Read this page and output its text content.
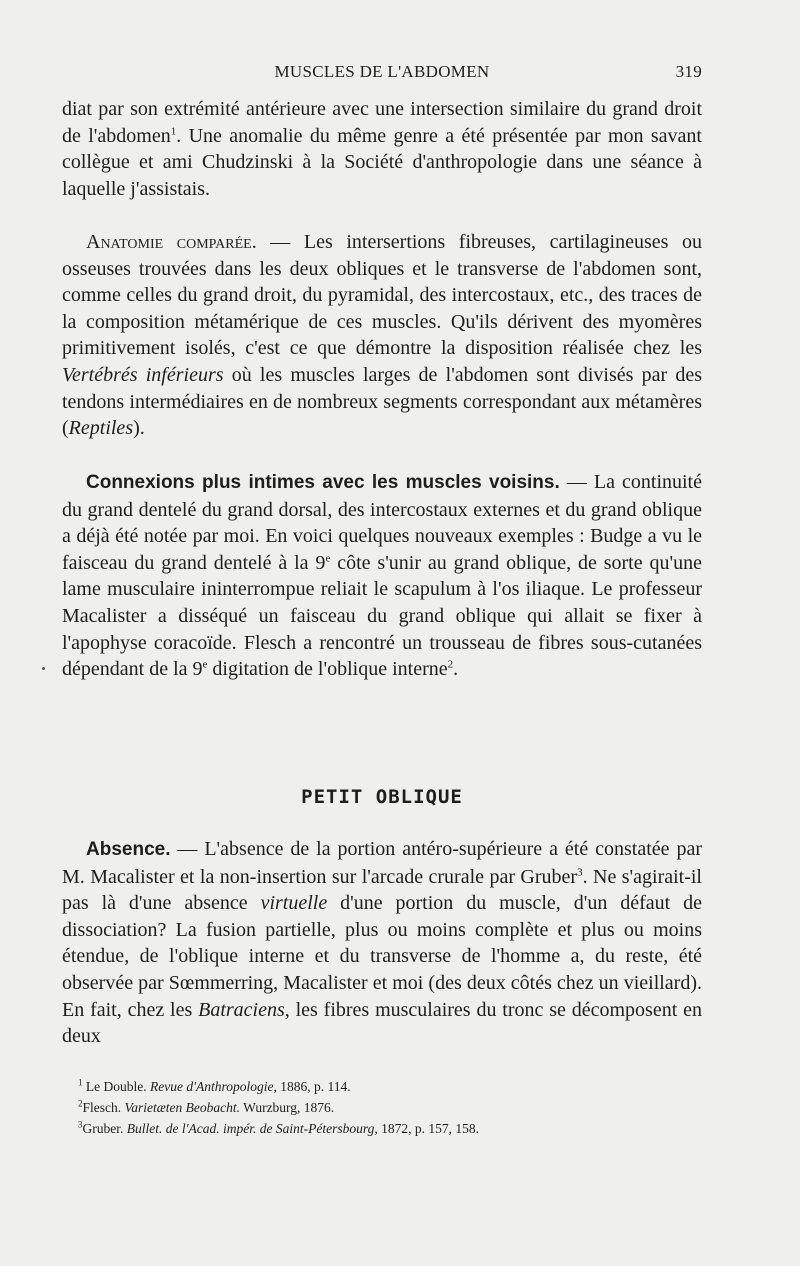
MUSCLES DE L'ABDOMEN	319

diat par son extrémité antérieure avec une intersection similaire du grand droit de l'abdomen$^1$. Une anomalie du même genre a été présentée par mon savant collègue et ami Chudzinski à la Société d'anthropologie dans une séance à laquelle j'assistais.

Anatomie comparée. — Les intersertions fibreuses, cartilagineuses ou osseuses trouvées dans les deux obliques et le transverse de l'abdomen sont, comme celles du grand droit, du pyramidal, des intercostaux, etc., des traces de la composition métamérique de ces muscles. Qu'ils dérivent des myomères primitivement isolés, c'est ce que démontre la disposition réalisée chez les Vertébrés inférieurs où les muscles larges de l'abdomen sont divisés par des tendons intermédiaires en de nombreux segments correspondant aux métamères (Reptiles).

Connexions plus intimes avec les muscles voisins. — La continuité du grand dentelé du grand dorsal, des intercostaux externes et du grand oblique a déjà été notée par moi. En voici quelques nouveaux exemples : Budge a vu le faisceau du grand dentelé à la 9e côte s'unir au grand oblique, de sorte qu'une lame musculaire ininterrompue reliait le scapulum à l'os iliaque. Le professeur Macalister a disséqué un faisceau du grand oblique qui allait se fixer à l'apophyse coracoïde. Flesch a rencontré un trousseau de fibres sous-cutanées dépendant de la 9e digitation de l'oblique interne$^2$.

PETIT OBLIQUE

Absence. — L'absence de la portion antéro-supérieure a été constatée par M. Macalister et la non-insertion sur l'arcade crurale par Gruber$^3$. Ne s'agirait-il pas là d'une absence virtuelle d'une portion du muscle, d'un défaut de dissociation? La fusion partielle, plus ou moins complète et plus ou moins étendue, de l'oblique interne et du transverse de l'homme a, du reste, été observée par Sœmmerring, Macalister et moi (des deux côtés chez un vieillard). En fait, chez les Batraciens, les fibres musculaires du tronc se décomposent en deux

$^1$ Le Double. Revue d'Anthropologie, 1886, p. 114.

$^2$Flesch. Varietæten Beobacht. Wurzburg, 1876.

$^3$Gruber. Bullet. de l'Acad. impér. de Saint-Pétersbourg, 1872, p. 157, 158.
